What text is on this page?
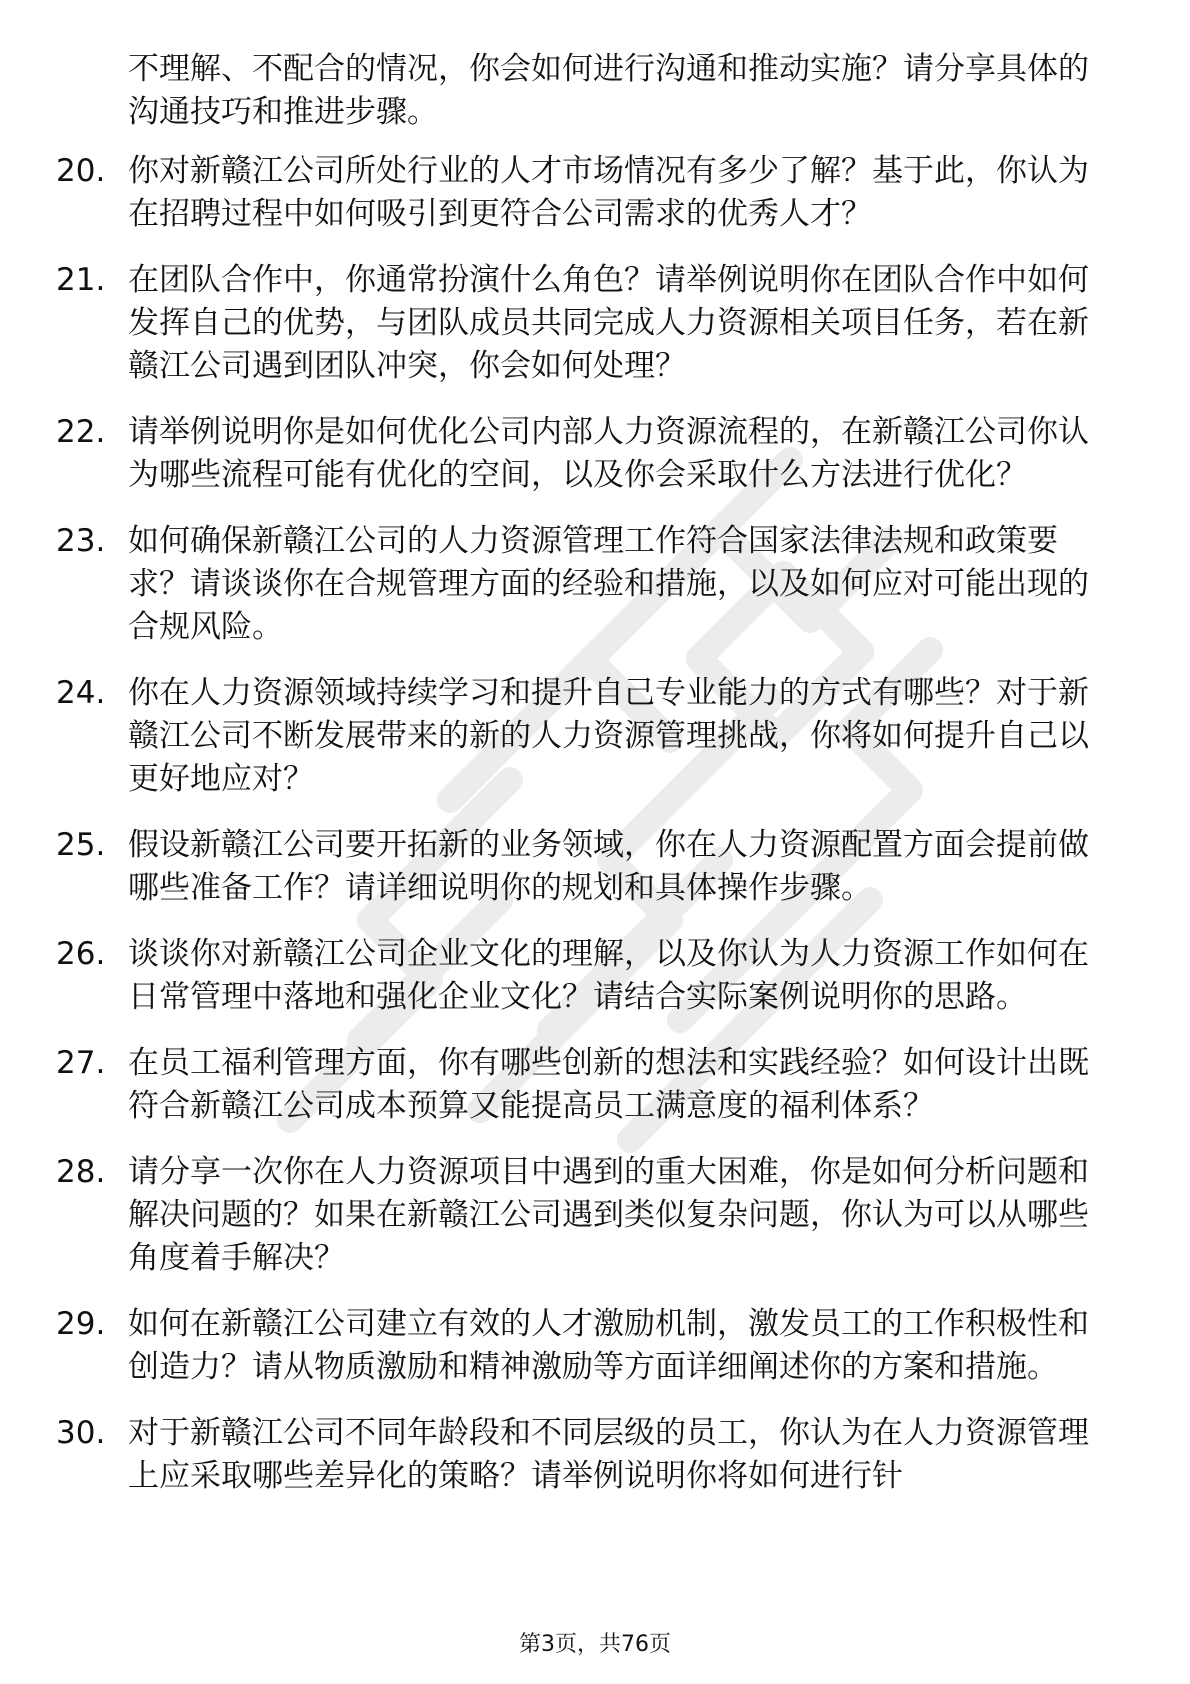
不理解、不配合的情况，你会如何进行沟通和推动实施？请分享具体的沟通技巧和推进步骤。

20. 你对新赣江公司所处行业的人才市场情况有多少了解？基于此，你认为在招聘过程中如何吸引到更符合公司需求的优秀人才？
21. 在团队合作中，你通常扮演什么角色？请举例说明你在团队合作中如何发挥自己的优势，与团队成员共同完成人力资源相关项目任务，若在新赣江公司遇到团队冲突，你会如何处理？
22. 请举例说明你是如何优化公司内部人力资源流程的，在新赣江公司你认为哪些流程可能有优化的空间，以及你会采取什么方法进行优化？
23. 如何确保新赣江公司的人力资源管理工作符合国家法律法规和政策要求？请谈谈你在合规管理方面的经验和措施，以及如何应对可能出现的合规风险。
24. 你在人力资源领域持续学习和提升自己专业能力的方式有哪些？对于新赣江公司不断发展带来的新的人力资源管理挑战，你将如何提升自己以更好地应对？
25. 假设新赣江公司要开拓新的业务领域，你在人力资源配置方面会提前做哪些准备工作？请详细说明你的规划和具体操作步骤。
26. 谈谈你对新赣江公司企业文化的理解，以及你认为人力资源工作如何在日常管理中落地和强化企业文化？请结合实际案例说明你的思路。
27. 在员工福利管理方面，你有哪些创新的想法和实践经验？如何设计出既符合新赣江公司成本预算又能提高员工满意度的福利体系？
28. 请分享一次你在人力资源项目中遇到的重大困难，你是如何分析问题和解决问题的？如果在新赣江公司遇到类似复杂问题，你认为可以从哪些角度着手解决？
29. 如何在新赣江公司建立有效的人才激励机制，激发员工的工作积极性和创造力？请从物质激励和精神激励等方面详细阐述你的方案和措施。
30. 对于新赣江公司不同年龄段和不同层级的员工，你认为在人力资源管理上应采取哪些差异化的策略？请举例说明你将如何进行针
第3页，共76页
